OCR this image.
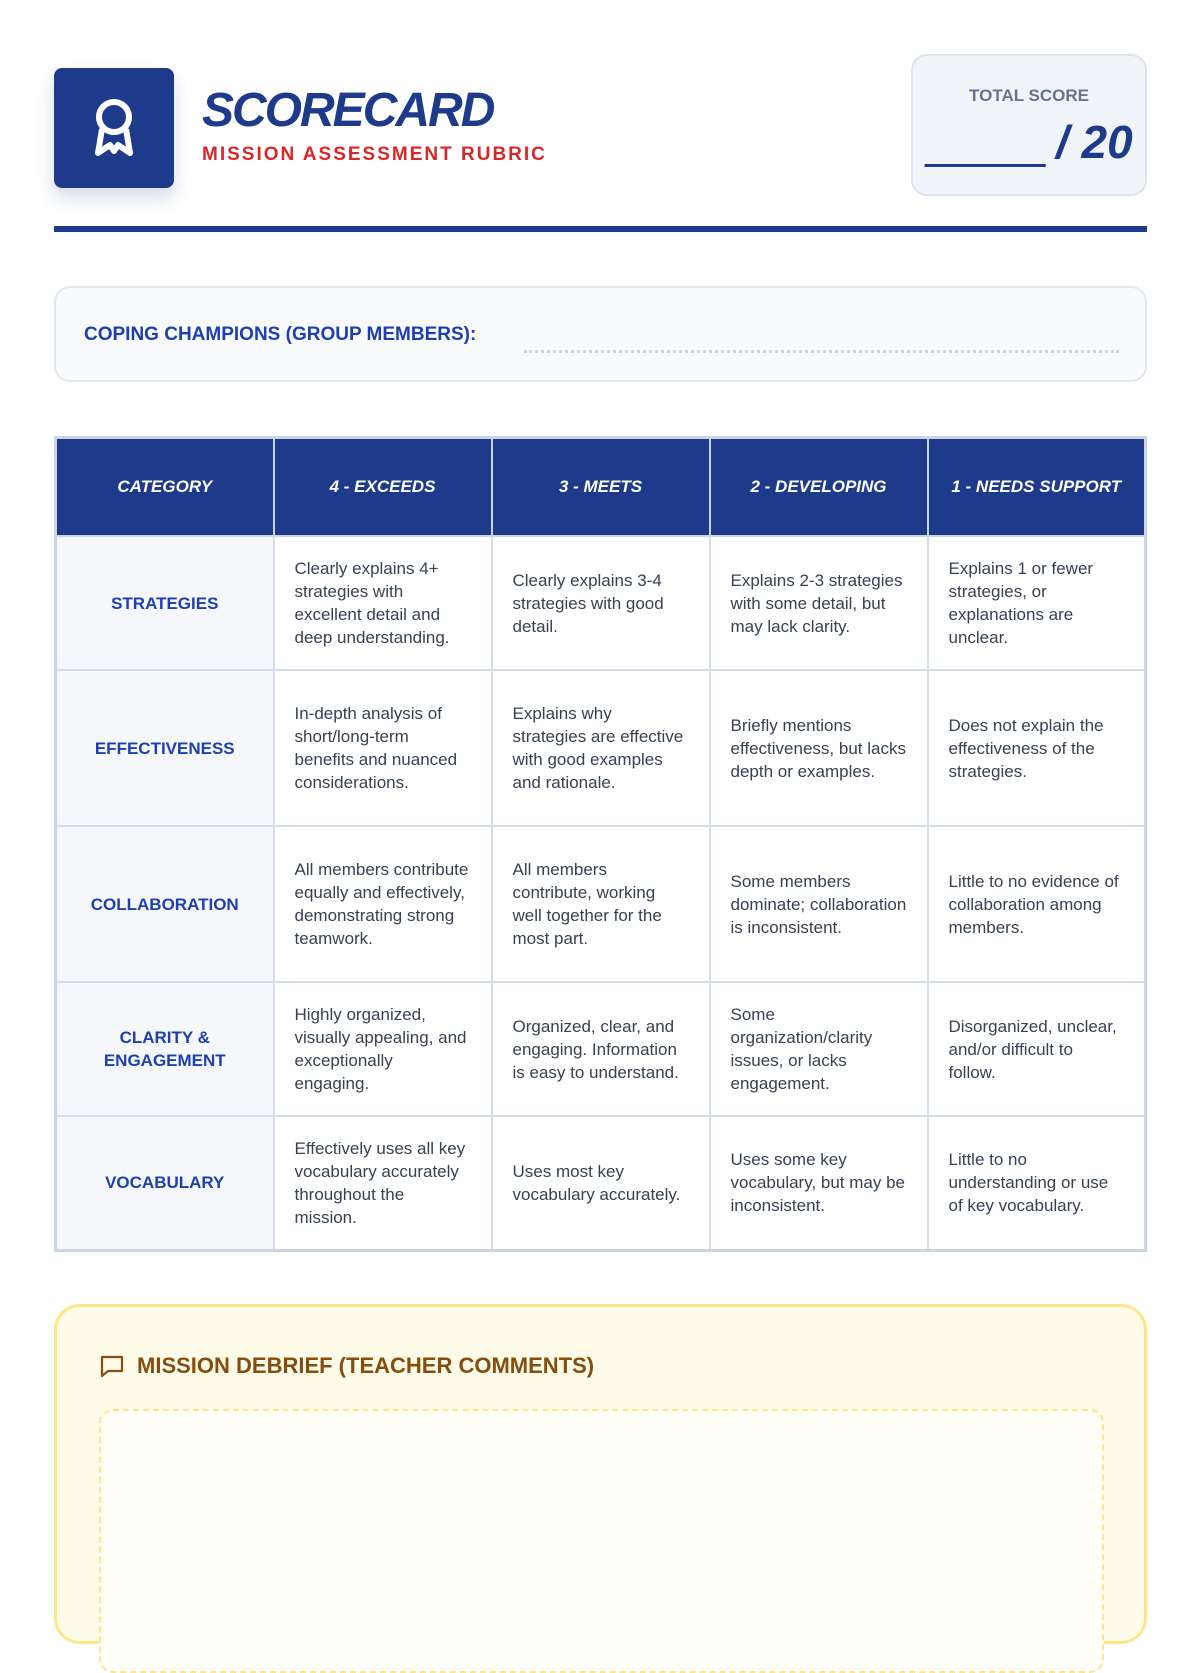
SCORECARD
MISSION ASSESSMENT RUBRIC
TOTAL SCORE
_____ / 20
COPING CHAMPIONS (GROUP MEMBERS):
CATEGORY	4 - EXCEEDS	3 - MEETS	2 - DEVELOPING	1 - NEEDS SUPPORT
STRATEGIES	Clearly explains 4+ strategies with excellent detail and deep understanding.	Clearly explains 3-4 strategies with good detail.	Explains 2-3 strategies with some detail, but may lack clarity.	Explains 1 or fewer strategies, or explanations are unclear.
EFFECTIVENESS	In-depth analysis of short/long-term benefits and nuanced considerations.	Explains why strategies are effective with good examples and rationale.	Briefly mentions effectiveness, but lacks depth or examples.	Does not explain the effectiveness of the strategies.
COLLABORATION	All members contribute equally and effectively, demonstrating strong teamwork.	All members contribute, working well together for the most part.	Some members dominate; collaboration is inconsistent.	Little to no evidence of collaboration among members.
CLARITY & ENGAGEMENT	Highly organized, visually appealing, and exceptionally engaging.	Organized, clear, and engaging. Information is easy to understand.	Some organization/clarity issues, or lacks engagement.	Disorganized, unclear, and/or difficult to follow.
VOCABULARY	Effectively uses all key vocabulary accurately throughout the mission.	Uses most key vocabulary accurately.	Uses some key vocabulary, but may be inconsistent.	Little to no understanding or use of key vocabulary.
MISSION DEBRIEF (TEACHER COMMENTS)
